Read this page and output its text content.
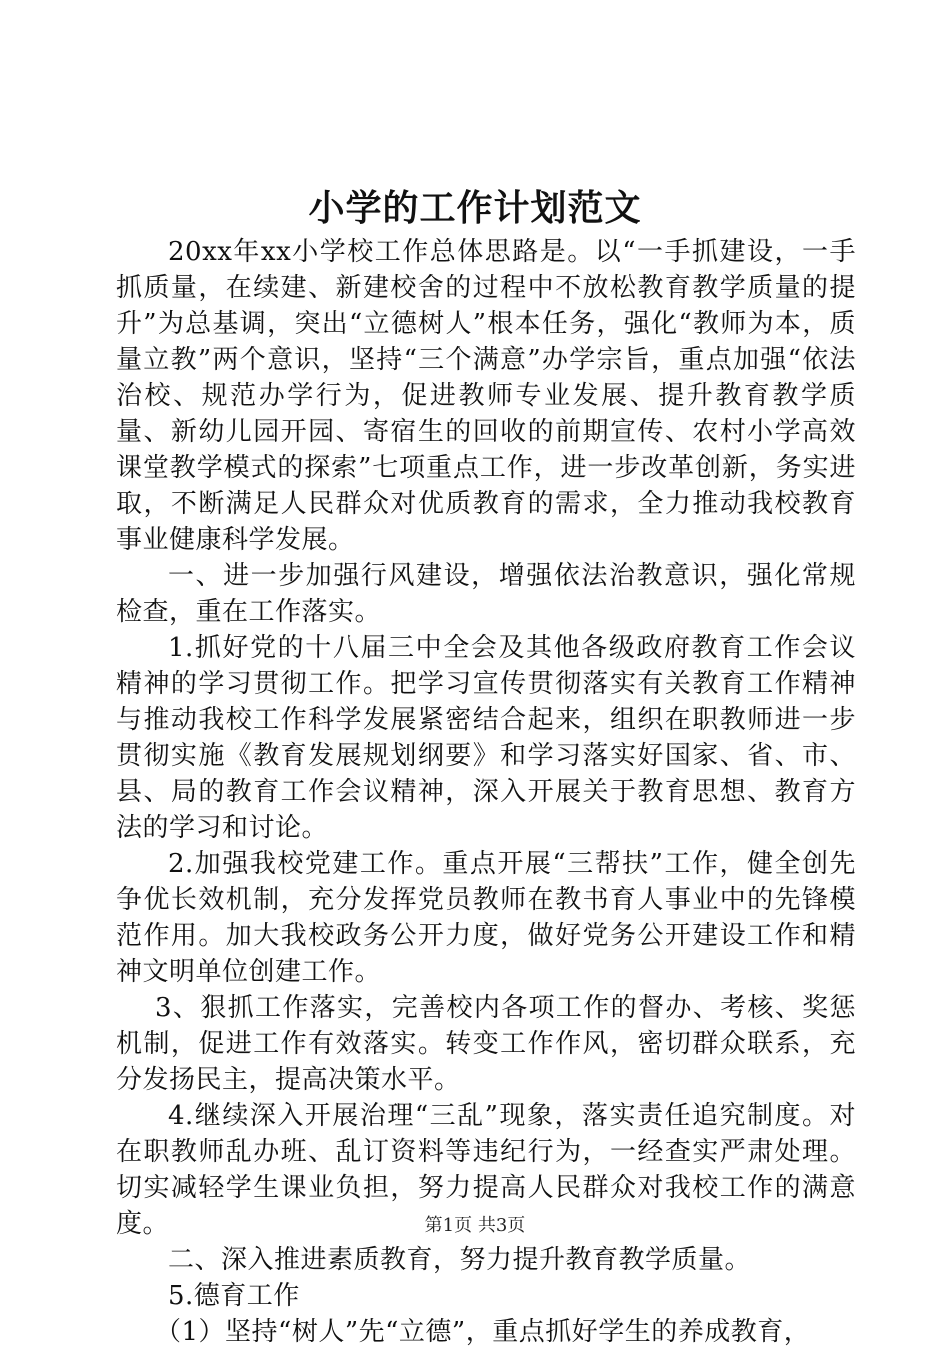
小学的工作计划范文

20xx年xx小学校工作总体思路是。以“一手抓建设，一手抓质量，在续建、新建校舍的过程中不放松教育教学质量的提升”为总基调，突出“立德树人”根本任务，强化“教师为本，质量立教”两个意识，坚持“三个满意”办学宗旨，重点加强“依法治校、规范办学行为，促进教师专业发展、提升教育教学质量、新幼儿园开园、寄宿生的回收的前期宣传、农村小学高效课堂教学模式的探索”七项重点工作，进一步改革创新，务实进取，不断满足人民群众对优质教育的需求，全力推动我校教育事业健康科学发展。

一、进一步加强行风建设，增强依法治教意识，强化常规检查，重在工作落实。

1.抓好党的十八届三中全会及其他各级政府教育工作会议精神的学习贯彻工作。把学习宣传贯彻落实有关教育工作精神与推动我校工作科学发展紧密结合起来，组织在职教师进一步贯彻实施《教育发展规划纲要》和学习落实好国家、省、市、县、局的教育工作会议精神，深入开展关于教育思想、教育方法的学习和讨论。

2.加强我校党建工作。重点开展“三帮扶”工作，健全创先争优长效机制，充分发挥党员教师在教书育人事业中的先锋模范作用。加大我校政务公开力度，做好党务公开建设工作和精神文明单位创建工作。

3、狠抓工作落实，完善校内各项工作的督办、考核、奖惩机制，促进工作有效落实。转变工作作风，密切群众联系，充分发扬民主，提高决策水平。

4.继续深入开展治理“三乱”现象，落实责任追究制度。对在职教师乱办班、乱订资料等违纪行为，一经查实严肃处理。切实减轻学生课业负担，努力提高人民群众对我校工作的满意度。

二、深入推进素质教育，努力提升教育教学质量。

5.德育工作

（1）坚持“树人”先“立德”，重点抓好学生的养成教育，

第1页 共3页
